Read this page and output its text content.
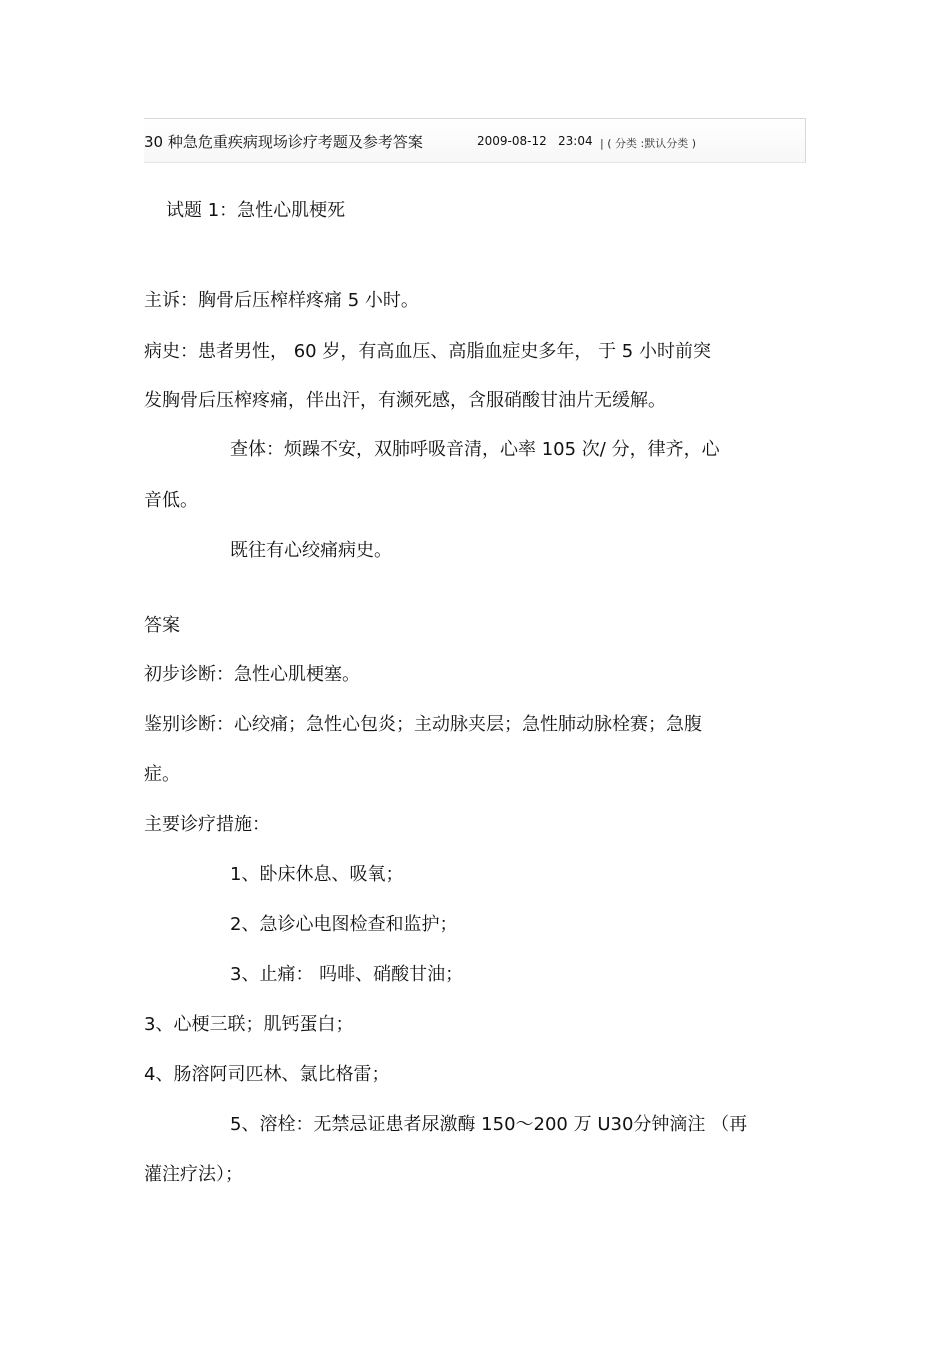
30 种急危重疾病现场诊疗考题及参考答案	2009-08-12 23:04 | ( 分类 :默认分类 )
试题 1：急性心肌梗死
主诉：胸骨后压榨样疼痛 5 小时。
病史：患者男性， 60 岁，有高血压、高脂血症史多年， 于 5 小时前突
发胸骨后压榨疼痛，伴出汗，有濒死感，含服硝酸甘油片无缓解。
查体：烦躁不安，双肺呼吸音清，心率 105 次/ 分，律齐，心
音低。
既往有心绞痛病史。
答案
初步诊断：急性心肌梗塞。
鉴别诊断：心绞痛；急性心包炎；主动脉夹层；急性肺动脉栓赛；急腹
症。
主要诊疗措施：
1、卧床休息、吸氧；
2、急诊心电图检查和监护；
3、止痛： 吗啡、硝酸甘油；
3、心梗三联；肌钙蛋白；
4、肠溶阿司匹林、氯比格雷；
5、溶栓：无禁忌证患者尿激酶 150～200 万 U30分钟滴注 （再
灌注疗法）；
